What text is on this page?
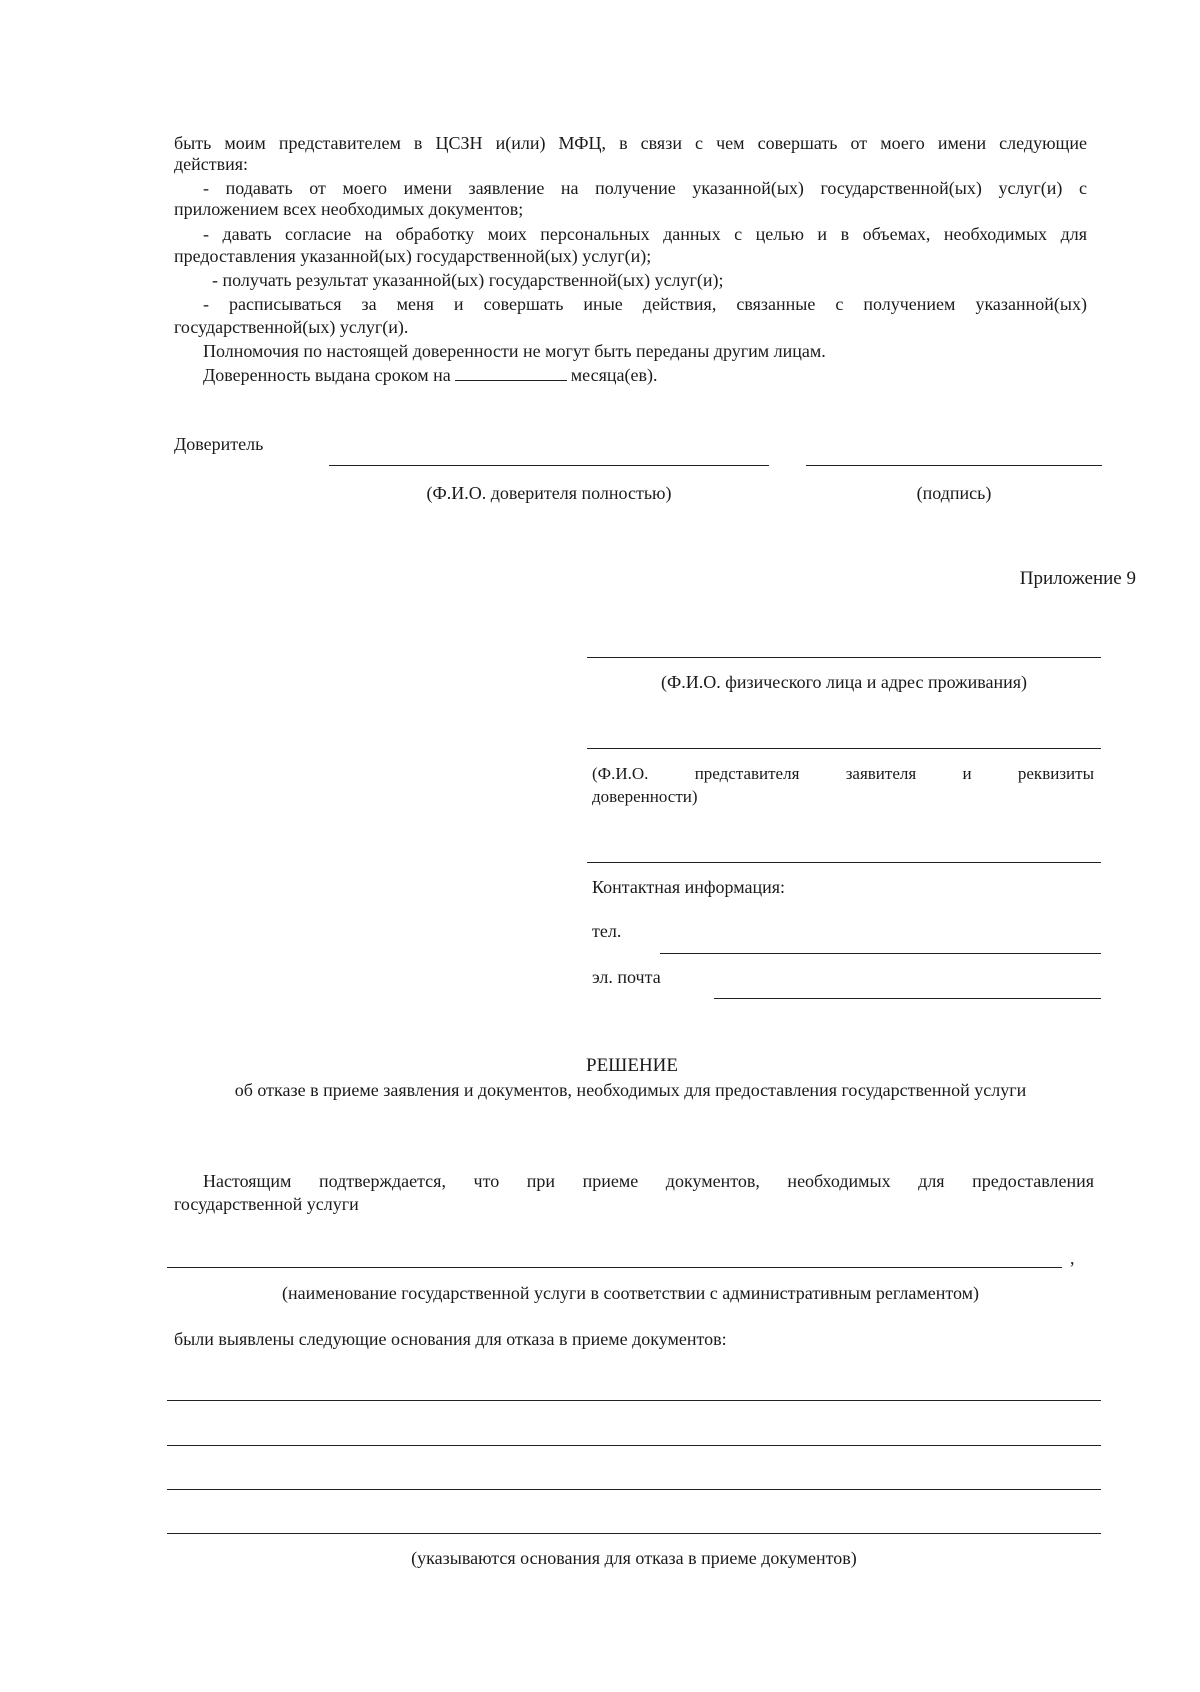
быть моим представителем в ЦСЗН и(или) МФЦ, в связи с чем совершать от моего имени следующие
действия:
- подавать от моего имени заявление на получение указанной(ых) государственной(ых) услуг(и) с
приложением всех необходимых документов;
- давать согласие на обработку моих персональных данных с целью и в объемах, необходимых для
предоставления указанной(ых) государственной(ых) услуг(и);
- получать результат указанной(ых) государственной(ых) услуг(и);
- расписываться за меня и совершать иные действия, связанные с получением указанной(ых)
государственной(ых) услуг(и).
Полномочия по настоящей доверенности не могут быть переданы другим лицам.
Доверенность выдана сроком на	месяца(ев).
Доверитель
(Ф.И.О. доверителя полностью)	(подпись)
Приложение 9
(Ф.И.О. физического лица и адрес проживания)
(Ф.И.О. представителя заявителя и реквизиты
доверенности)
Контактная информация:
тел.
эл. почта
РЕШЕНИЕ
об отказе в приеме заявления и документов, необходимых для предоставления государственной услуги
Настоящим подтверждается, что при приеме документов, необходимых для предоставления
государственной услуги
,
(наименование государственной услуги в соответствии с административным регламентом)
были выявлены следующие основания для отказа в приеме документов:
(указываются основания для отказа в приеме документов)
